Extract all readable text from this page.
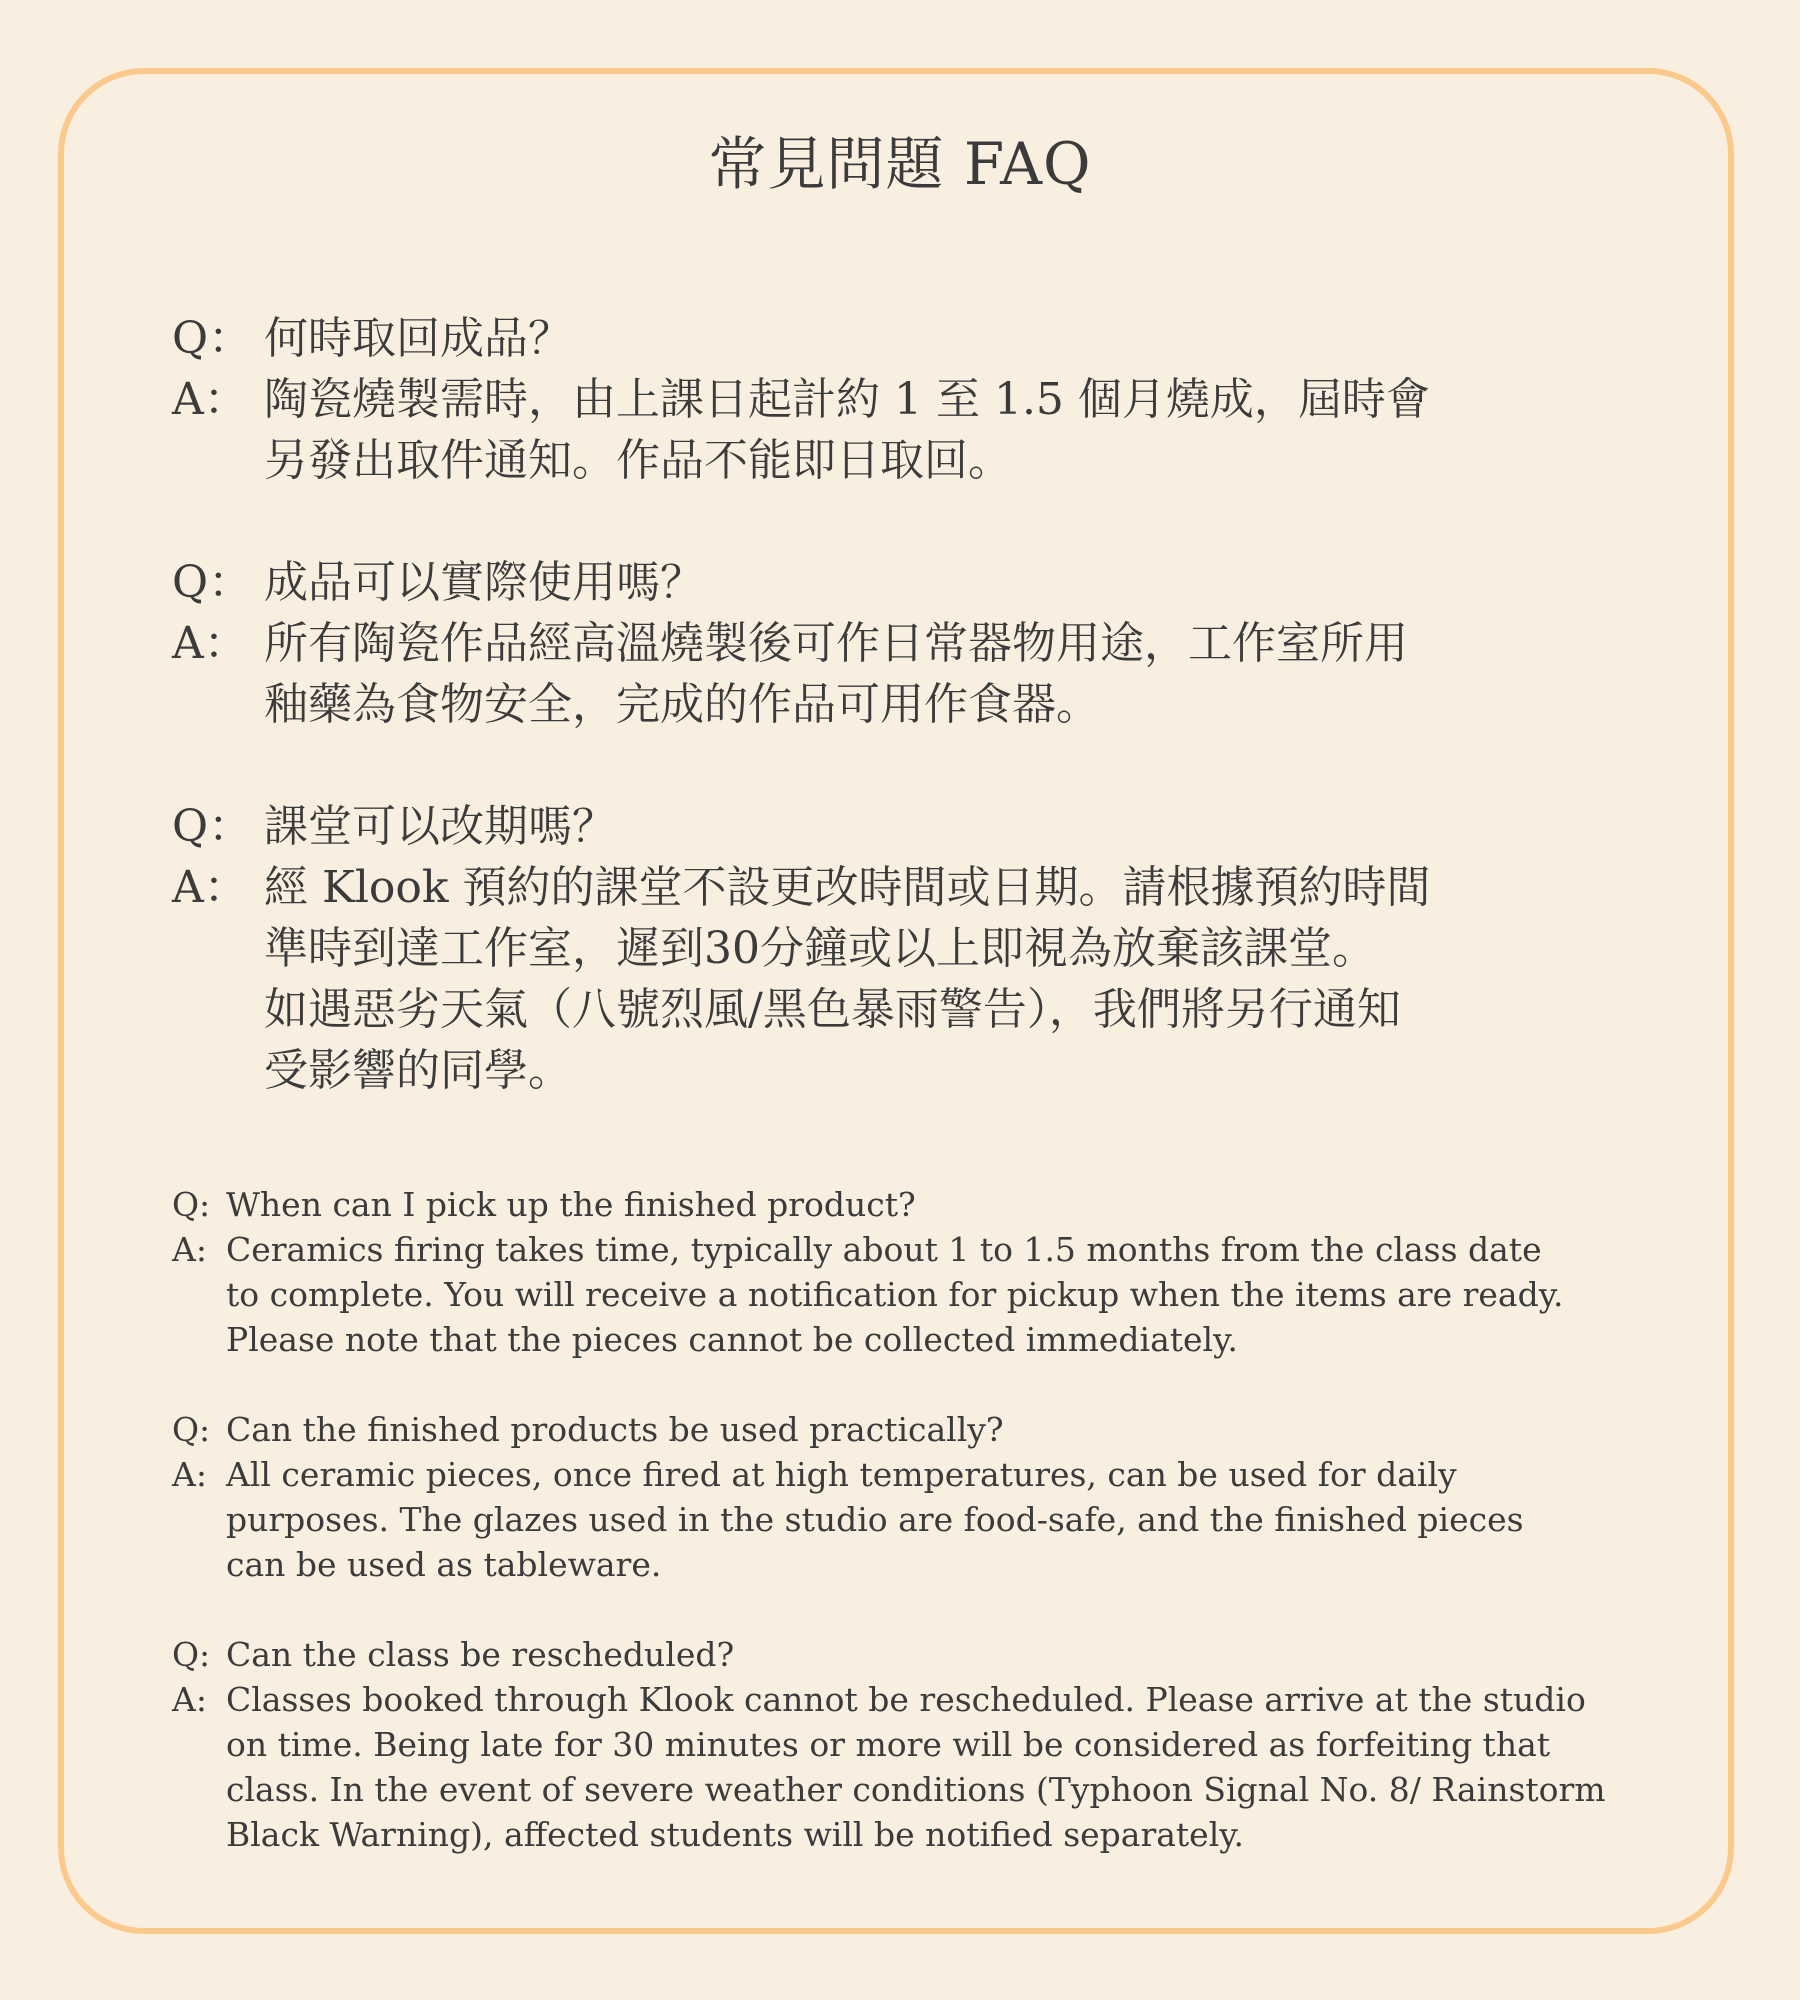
常見問題 FAQ
Q： 何時取回成品？
A： 陶瓷燒製需時，由上課日起計約 1 至 1.5 個月燒成，屆時會
另發出取件通知。作品不能即日取回。
Q： 成品可以實際使用嗎？
A： 所有陶瓷作品經高溫燒製後可作日常器物用途，工作室所用
釉藥為食物安全，完成的作品可用作食器。
Q： 課堂可以改期嗎？
A： 經 Klook 預約的課堂不設更改時間或日期。請根據預約時間
準時到達工作室，遲到30分鐘或以上即視為放棄該課堂。
如遇惡劣天氣（八號烈風/黑色暴雨警告），我們將另行通知
受影響的同學。
Q: When can I pick up the finished product?
A: Ceramics firing takes time, typically about 1 to 1.5 months from the class date
to complete. You will receive a notification for pickup when the items are ready.
Please note that the pieces cannot be collected immediately.
Q: Can the finished products be used practically?
A: All ceramic pieces, once fired at high temperatures, can be used for daily
purposes. The glazes used in the studio are food-safe, and the finished pieces
can be used as tableware.
Q: Can the class be rescheduled?
A: Classes booked through Klook cannot be rescheduled. Please arrive at the studio
on time. Being late for 30 minutes or more will be considered as forfeiting that
class. In the event of severe weather conditions (Typhoon Signal No. 8/ Rainstorm
Black Warning), affected students will be notified separately.
